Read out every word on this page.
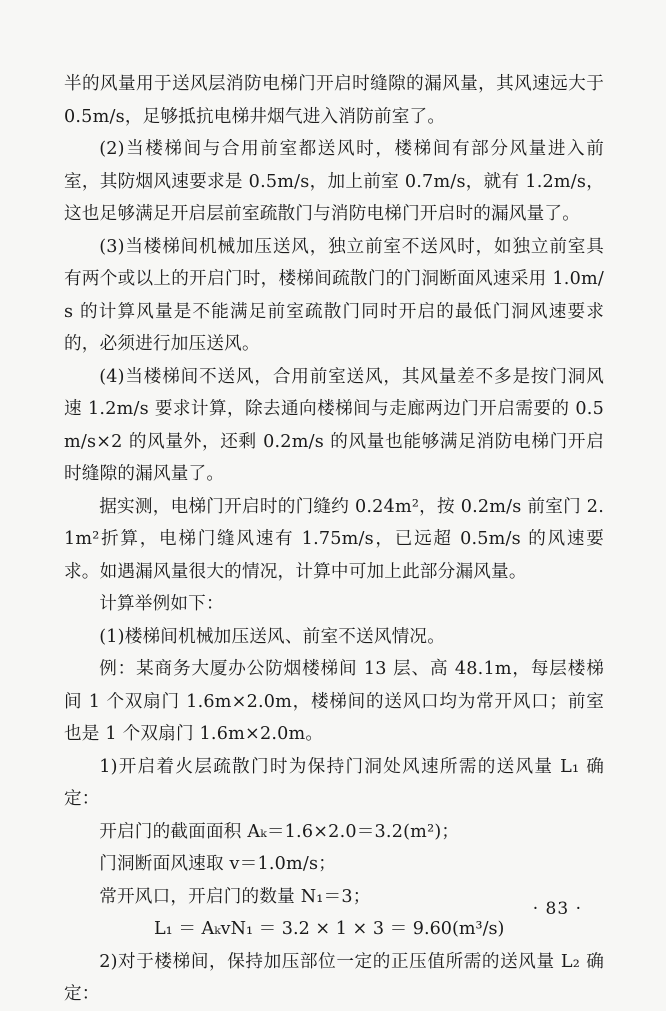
半的风量用于送风层消防电梯门开启时缝隙的漏风量，其风速远大于 0.5m/s，足够抵抗电梯井烟气进入消防前室了。

(2)当楼梯间与合用前室都送风时，楼梯间有部分风量进入前室，其防烟风速要求是 0.5m/s，加上前室 0.7m/s，就有 1.2m/s，这也足够满足开启层前室疏散门与消防电梯门开启时的漏风量了。

(3)当楼梯间机械加压送风，独立前室不送风时，如独立前室具有两个或以上的开启门时，楼梯间疏散门的门洞断面风速采用 1.0m/s 的计算风量是不能满足前室疏散门同时开启的最低门洞风速要求的，必须进行加压送风。

(4)当楼梯间不送风，合用前室送风，其风量差不多是按门洞风速 1.2m/s 要求计算，除去通向楼梯间与走廊两边门开启需要的 0.5m/s×2 的风量外，还剩 0.2m/s 的风量也能够满足消防电梯门开启时缝隙的漏风量了。

据实测，电梯门开启时的门缝约 0.24m²，按 0.2m/s 前室门 2.1m²折算，电梯门缝风速有 1.75m/s，已远超 0.5m/s 的风速要求。如遇漏风量很大的情况，计算中可加上此部分漏风量。

计算举例如下：

(1)楼梯间机械加压送风、前室不送风情况。

例：某商务大厦办公防烟楼梯间 13 层、高 48.1m，每层楼梯间 1 个双扇门 1.6m×2.0m，楼梯间的送风口均为常开风口；前室也是 1 个双扇门 1.6m×2.0m。

1)开启着火层疏散门时为保持门洞处风速所需的送风量 L₁ 确定：

开启门的截面面积 Aₖ＝1.6×2.0＝3.2(m²)；

门洞断面风速取 v＝1.0m/s；

常开风口，开启门的数量 N₁＝3；

L₁ ＝ AₖvN₁ ＝ 3.2 × 1 × 3 ＝ 9.60(m³/s)

2)对于楼梯间，保持加压部位一定的正压值所需的送风量 L₂ 确定：

· 83 ·
